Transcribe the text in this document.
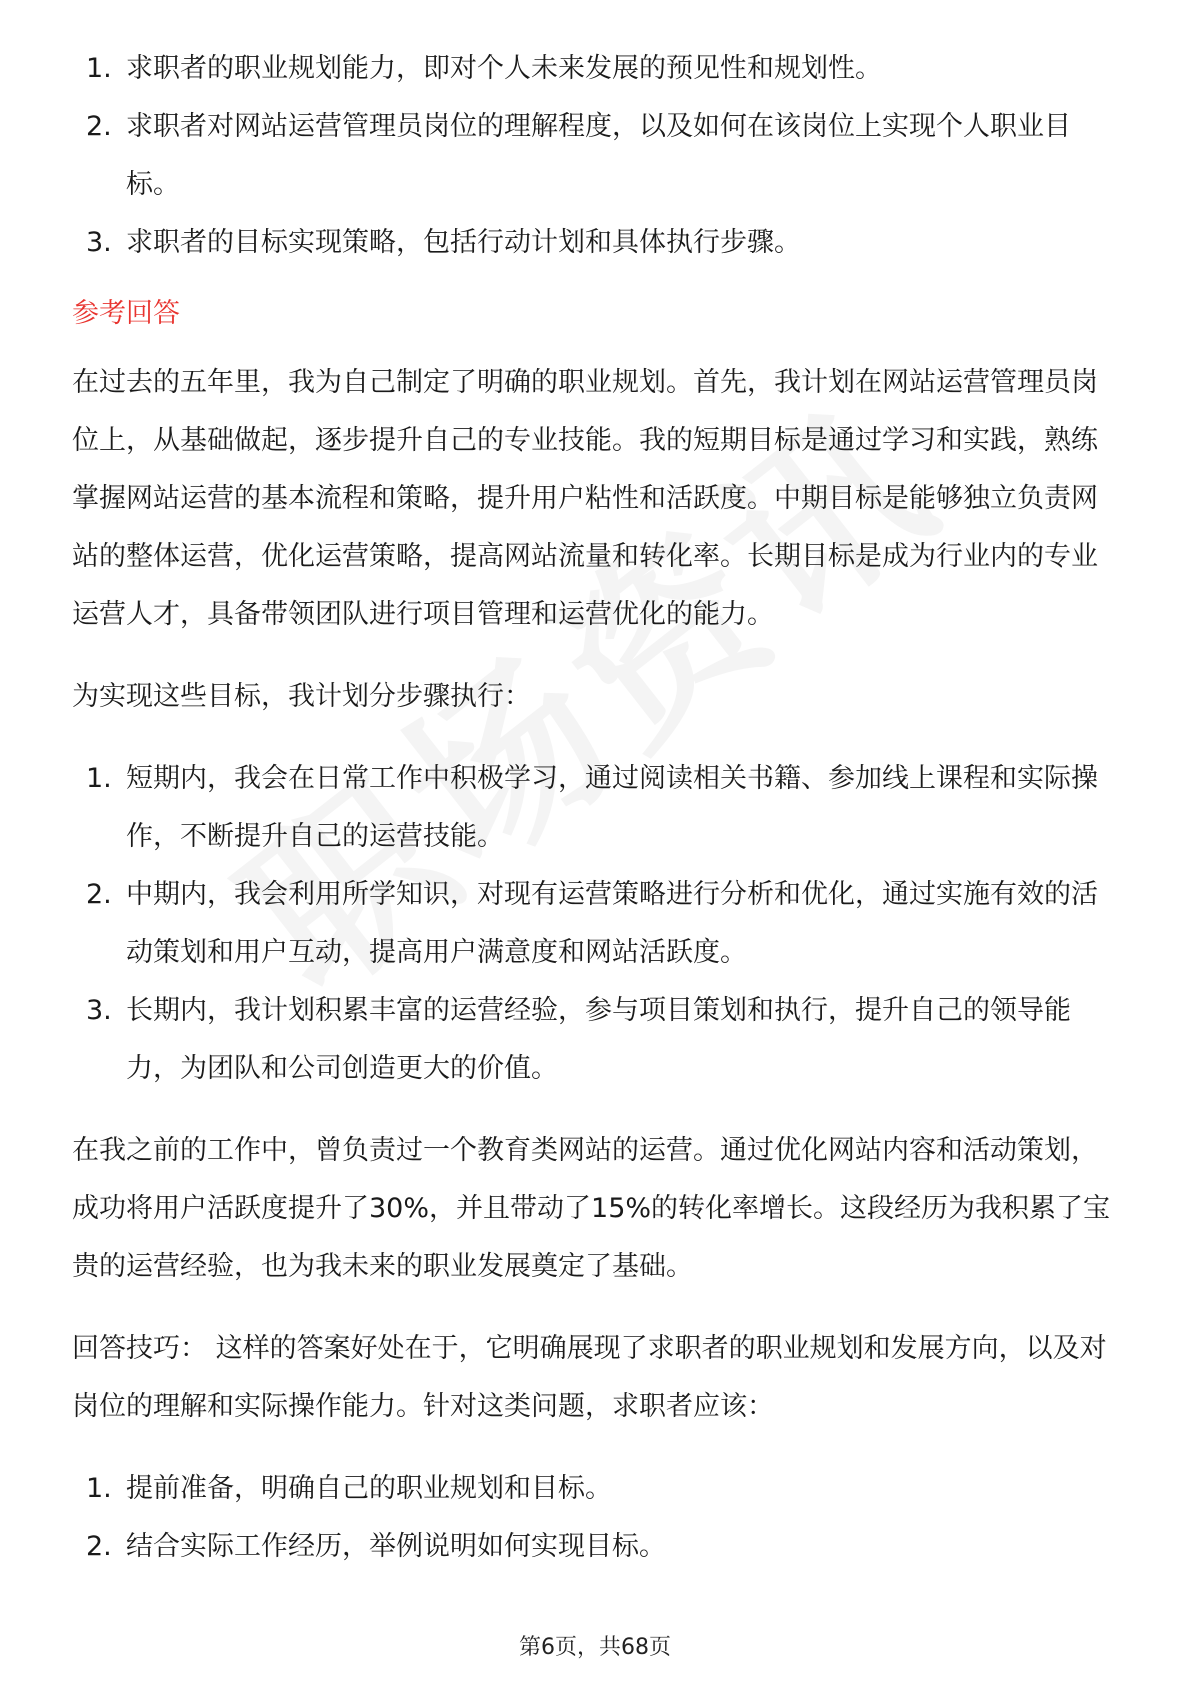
1. 求职者的职业规划能力，即对个人未来发展的预见性和规划性。
2. 求职者对网站运营管理员岗位的理解程度，以及如何在该岗位上实现个人职业目标。
3. 求职者的目标实现策略，包括行动计划和具体执行步骤。
参考回答

在过去的五年里，我为自己制定了明确的职业规划。首先，我计划在网站运营管理员岗位上，从基础做起，逐步提升自己的专业技能。我的短期目标是通过学习和实践，熟练掌握网站运营的基本流程和策略，提升用户粘性和活跃度。中期目标是能够独立负责网站的整体运营，优化运营策略，提高网站流量和转化率。长期目标是成为行业内的专业运营人才，具备带领团队进行项目管理和运营优化的能力。

为实现这些目标，我计划分步骤执行：

1. 短期内，我会在日常工作中积极学习，通过阅读相关书籍、参加线上课程和实际操作，不断提升自己的运营技能。
2. 中期内，我会利用所学知识，对现有运营策略进行分析和优化，通过实施有效的活动策划和用户互动，提高用户满意度和网站活跃度。
3. 长期内，我计划积累丰富的运营经验，参与项目策划和执行，提升自己的领导能力，为团队和公司创造更大的价值。

在我之前的工作中，曾负责过一个教育类网站的运营。通过优化网站内容和活动策划，成功将用户活跃度提升了30%，并且带动了15%的转化率增长。这段经历为我积累了宝贵的运营经验，也为我未来的职业发展奠定了基础。

回答技巧： 这样的答案好处在于，它明确展现了求职者的职业规划和发展方向，以及对岗位的理解和实际操作能力。针对这类问题，求职者应该：

1. 提前准备，明确自己的职业规划和目标。
2. 结合实际工作经历，举例说明如何实现目标。
第6页，共68页
